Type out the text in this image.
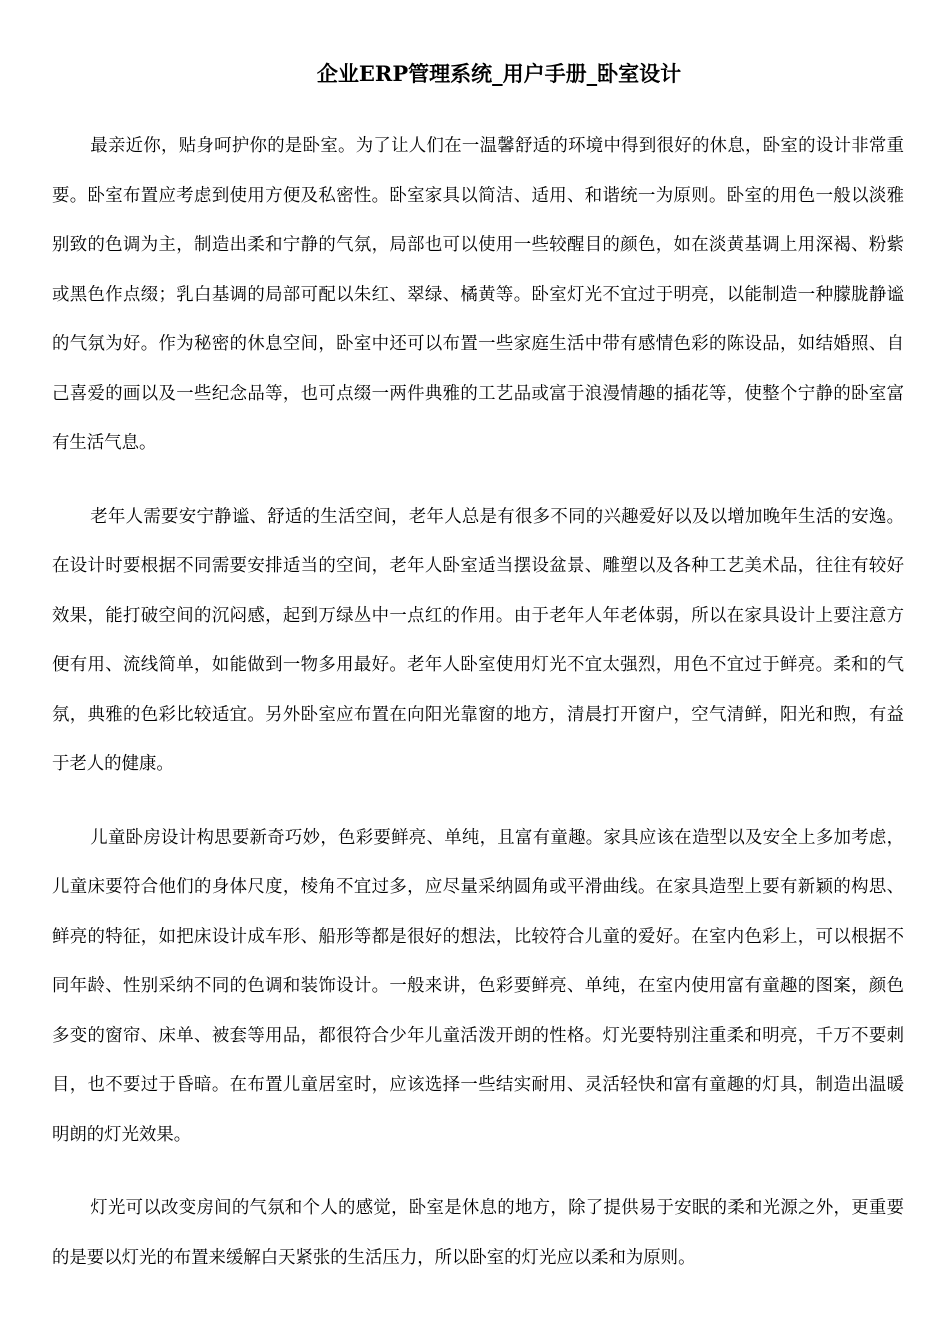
企业ERP管理系统_用户手册_卧室设计

最亲近你，贴身呵护你的是卧室。为了让人们在一温馨舒适的环境中得到很好的休息，卧室的设计非常重要。卧室布置应考虑到使用方便及私密性。卧室家具以简洁、适用、和谐统一为原则。卧室的用色一般以淡雅别致的色调为主，制造出柔和宁静的气氛，局部也可以使用一些较醒目的颜色，如在淡黄基调上用深褐、粉紫或黑色作点缀；乳白基调的局部可配以朱红、翠绿、橘黄等。卧室灯光不宜过于明亮，以能制造一种朦胧静谧的气氛为好。作为秘密的休息空间，卧室中还可以布置一些家庭生活中带有感情色彩的陈设品，如结婚照、自己喜爱的画以及一些纪念品等，也可点缀一两件典雅的工艺品或富于浪漫情趣的插花等，使整个宁静的卧室富有生活气息。

老年人需要安宁静谧、舒适的生活空间，老年人总是有很多不同的兴趣爱好以及以增加晚年生活的安逸。在设计时要根据不同需要安排适当的空间，老年人卧室适当摆设盆景、雕塑以及各种工艺美术品，往往有较好效果，能打破空间的沉闷感，起到万绿丛中一点红的作用。由于老年人年老体弱，所以在家具设计上要注意方便有用、流线简单，如能做到一物多用最好。老年人卧室使用灯光不宜太强烈，用色不宜过于鲜亮。柔和的气氛，典雅的色彩比较适宜。另外卧室应布置在向阳光靠窗的地方，清晨打开窗户，空气清鲜，阳光和煦，有益于老人的健康。

儿童卧房设计构思要新奇巧妙，色彩要鲜亮、单纯，且富有童趣。家具应该在造型以及安全上多加考虑，儿童床要符合他们的身体尺度，棱角不宜过多，应尽量采纳圆角或平滑曲线。在家具造型上要有新颖的构思、鲜亮的特征，如把床设计成车形、船形等都是很好的想法，比较符合儿童的爱好。在室内色彩上，可以根据不同年龄、性别采纳不同的色调和装饰设计。一般来讲，色彩要鲜亮、单纯，在室内使用富有童趣的图案，颜色多变的窗帘、床单、被套等用品，都很符合少年儿童活泼开朗的性格。灯光要特别注重柔和明亮，千万不要刺目，也不要过于昏暗。在布置儿童居室时，应该选择一些结实耐用、灵活轻快和富有童趣的灯具，制造出温暖明朗的灯光效果。

灯光可以改变房间的气氛和个人的感觉，卧室是休息的地方，除了提供易于安眠的柔和光源之外，更重要的是要以灯光的布置来缓解白天紧张的生活压力，所以卧室的灯光应以柔和为原则。
